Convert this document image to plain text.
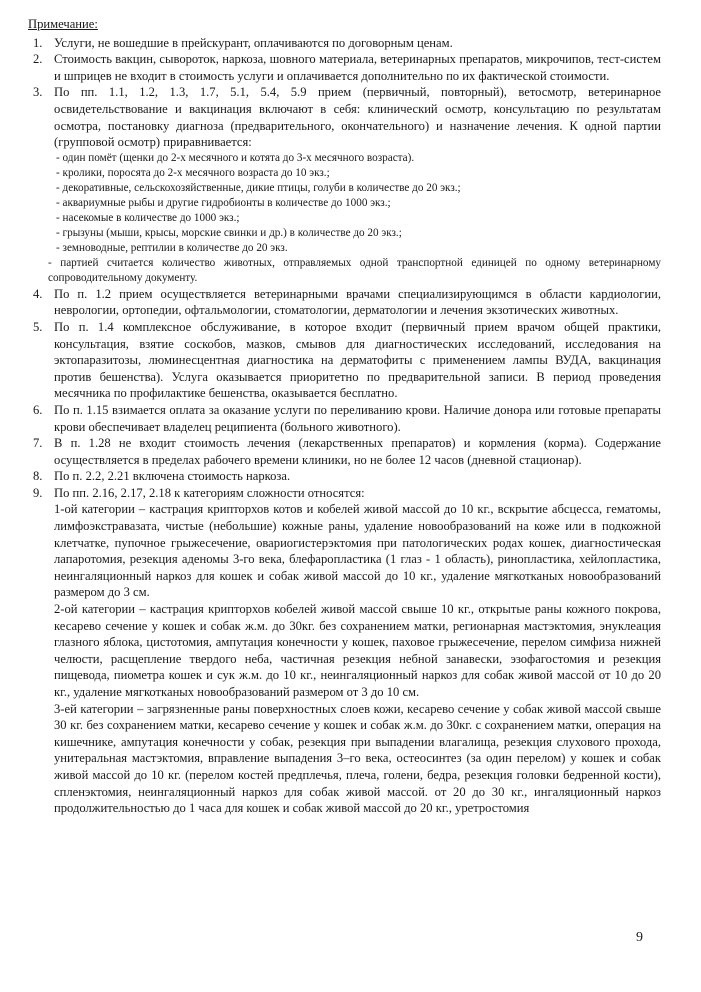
Примечание:
1. Услуги, не вошедшие в прейскурант, оплачиваются по договорным ценам.

2. Стоимость вакцин, сывороток, наркоза, шовного материала, ветеринарных препаратов, микрочипов, тест-систем и шприцев не входит в стоимость услуги и оплачивается дополнительно по их фактической стоимости.

3. По пп. 1.1, 1.2, 1.3, 1.7, 5.1, 5.4, 5.9 прием (первичный, повторный), ветосмотр, ветеринарное освидетельствование и вакцинация включают в себя: клинический осмотр, консультацию по результатам осмотра, постановку диагноза (предварительного, окончательного) и назначение лечения. К одной партии (групповой осмотр) приравнивается:

- один помёт (щенки до 2-х месячного и котята до 3-х месячного возраста).
- кролики, поросята до 2-х месячного возраста до 10 экз.;
- декоративные, сельскохозяйственные, дикие птицы, голуби в количестве до 20 экз.;
- аквариумные рыбы и другие гидробионты в количестве до 1000 экз.;
- насекомые в количестве до 1000 экз.;
- грызуны (мыши, крысы, морские свинки и др.) в количестве до 20 экз.;
- земноводные, рептилии в количестве до 20 экз.
- партией считается количество животных, отправляемых одной транспортной единицей по одному ветеринарному сопроводительному документу.
4. По п. 1.2 прием осуществляется ветеринарными врачами специализирующимся в области кардиологии, неврологии, ортопедии, офтальмологии, стоматологии, дерматологии и лечения экзотических животных.

5. По п. 1.4 комплексное обслуживание, в которое входит (первичный прием врачом общей практики, консультация, взятие соскобов, мазков, смывов для диагностических исследований, исследования на эктопаразитозы, люминесцентная диагностика на дерматофиты с применением лампы ВУДА, вакцинация против бешенства). Услуга оказывается приоритетно по предварительной записи. В период проведения месячника по профилактике бешенства, оказывается бесплатно.

6. По п. 1.15 взимается оплата за оказание услуги по переливанию крови. Наличие донора или готовые препараты крови обеспечивает владелец реципиента (больного животного).

7. В п. 1.28 не входит стоимость лечения (лекарственных препаратов) и кормления (корма). Содержание осуществляется в пределах рабочего времени клиники, но не более 12 часов (дневной стационар).

8. По п. 2.2, 2.21 включена стоимость наркоза.

9. По пп. 2.16, 2.17, 2.18 к категориям сложности относятся:

1-ой категории – кастрация крипторхов котов и кобелей живой массой до 10 кг., вскрытие абсцесса, гематомы, лимфоэкстравазата, чистые (небольшие) кожные раны, удаление новообразований на коже или в подкожной клетчатке, пупочное грыжесечение, овариогистерэктомия при патологических родах кошек, диагностическая лапаротомия, резекция аденомы 3-го века, блефаропластика (1 глаз - 1 область), ринопластика, хейлопластика, неингаляционный наркоз для кошек и собак живой массой до 10 кг., удаление мягкотканых новообразований размером до 3 см.

2-ой категории – кастрация крипторхов кобелей живой массой свыше 10 кг., открытые раны кожного покрова, кесарево сечение у кошек и собак ж.м. до 30кг. без сохранением матки, регионарная мастэктомия, энуклеация глазного яблока, цистотомия, ампутация конечности у кошек, паховое грыжесечение, перелом симфиза нижней челюсти, расщепление твердого неба, частичная резекция небной занавески, эзофагостомия и резекция пищевода, пиометра кошек и сук ж.м. до 10 кг., неингаляционный наркоз для собак живой массой от 10 до 20 кг., удаление мягкотканых новообразований размером от 3 до 10 см.

3-ей категории – загрязненные раны поверхностных слоев кожи, кесарево сечение у собак живой массой свыше 30 кг. без сохранением матки, кесарево сечение у кошек и собак ж.м. до 30кг. с сохранением матки, операция на кишечнике, ампутация конечности у собак, резекция при выпадении влагалища, резекция слухового прохода, унитеральная мастэктомия, вправление выпадения 3–го века, остеосинтез (за один перелом) у кошек и собак живой массой до 10 кг. (перелом костей предплечья, плеча, голени, бедра, резекция головки бедренной кости), спленэктомия, неингаляционный наркоз для собак живой массой. от 20 до 30 кг., ингаляционный наркоз продолжительностью до 1 часа для кошек и собак живой массой до 20 кг., уретростомия

9
